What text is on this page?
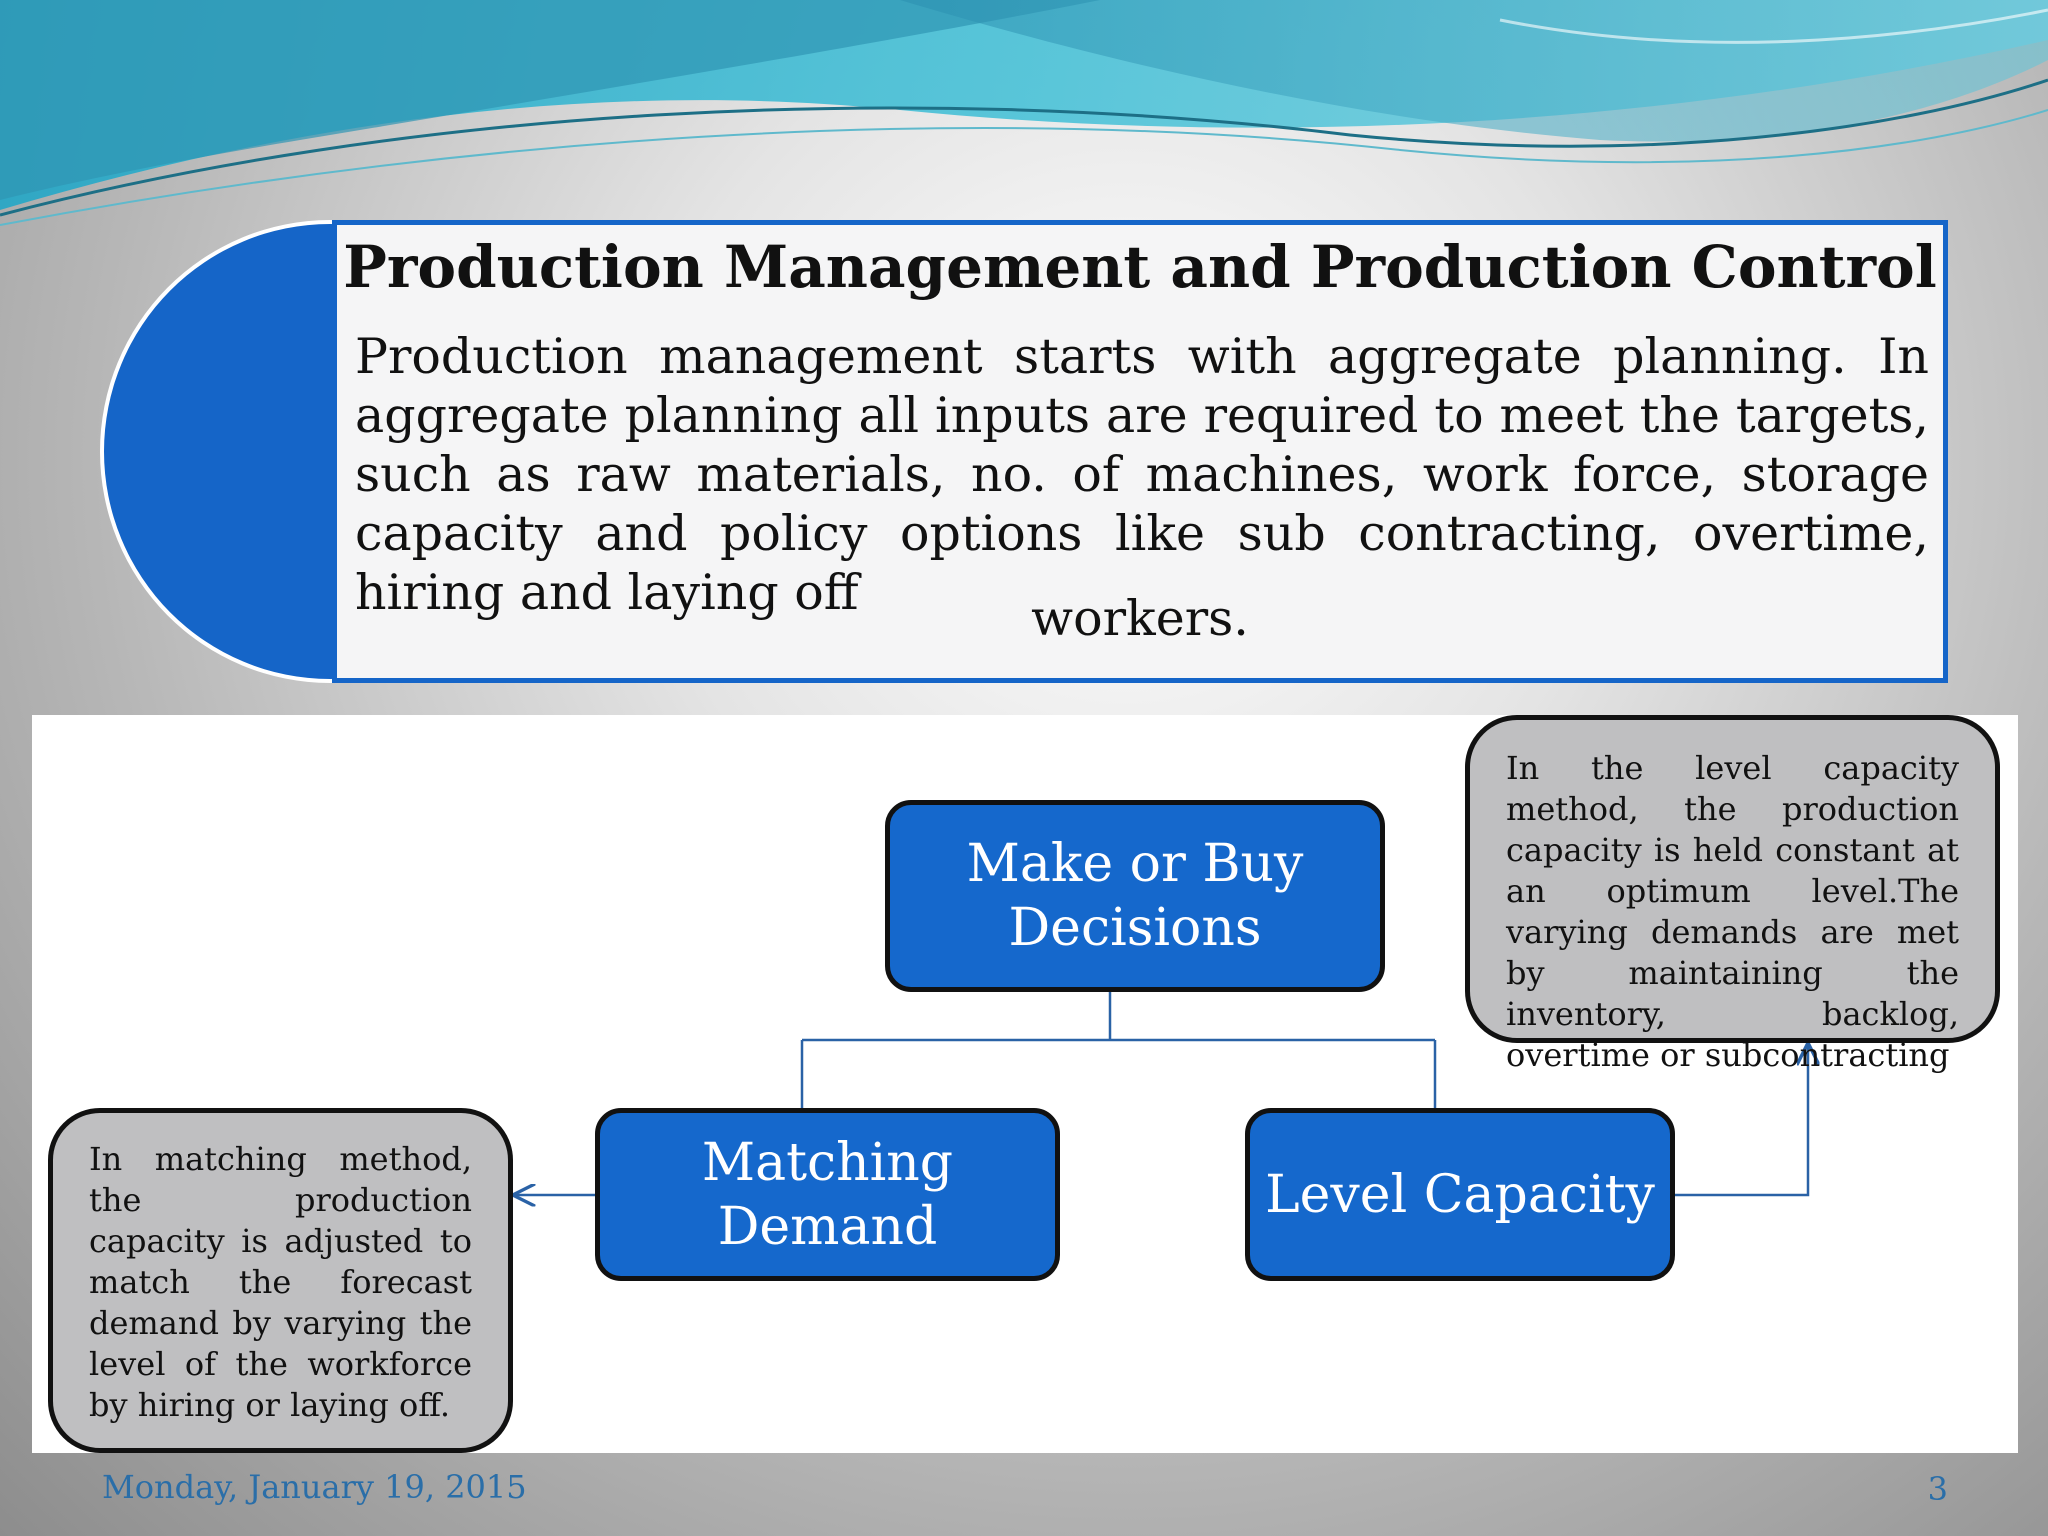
Production Management and Production Control
Production management starts with aggregate planning. In aggregate planning all inputs are required to meet the targets, such as raw materials, no. of machines, work force, storage capacity and policy options like sub contracting, overtime, hiring and laying off	workers.
Make or Buy Decisions
Matching Demand
Level Capacity
In the level capacity method, the production capacity is held constant at an optimum level.The varying demands are met by maintaining the inventory, backlog, overtime or subcontracting
In matching method, the production capacity is adjusted to match the forecast demand by varying the level of the workforce by hiring or laying off.
Monday, January 19, 2015	3
